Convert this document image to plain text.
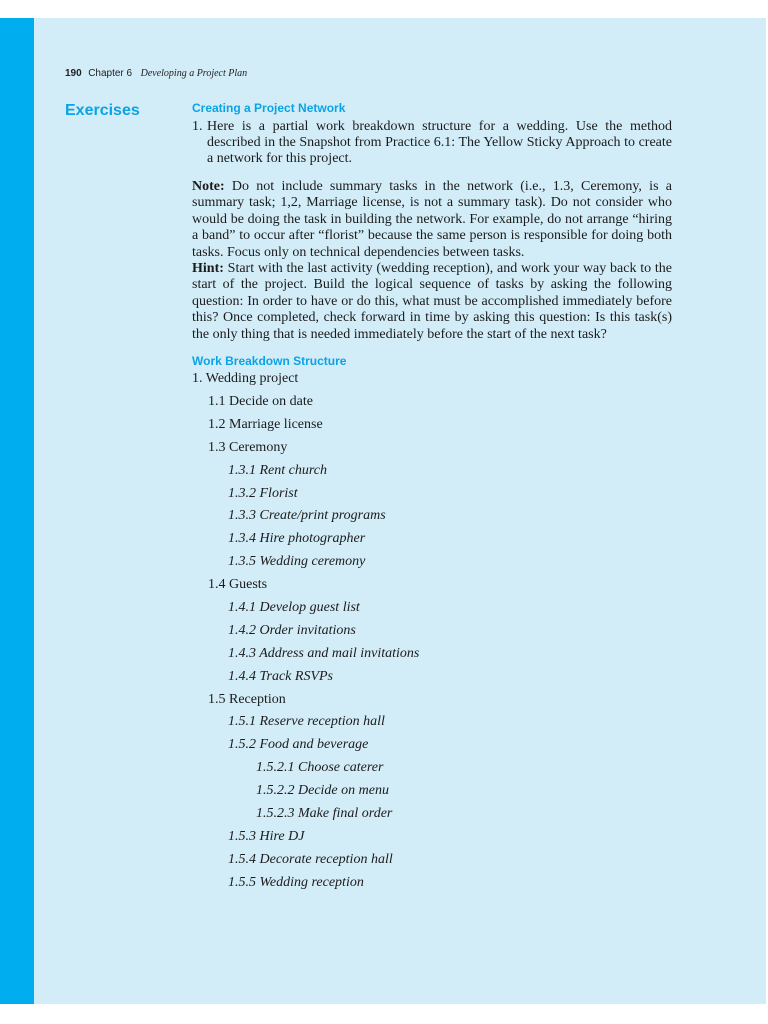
190 Chapter 6 Developing a Project Plan
Exercises	Creating a Project Network

1. Here is a partial work breakdown structure for a wedding. Use the method described in the Snapshot from Practice 6.1: The Yellow Sticky Approach to create a network for this project.

Note: Do not include summary tasks in the network (i.e., 1.3, Ceremony, is a summary task; 1,2, Marriage license, is not a summary task). Do not consider who would be doing the task in building the network. For example, do not arrange “hiring a band” to occur after “florist” because the same person is responsible for doing both tasks. Focus only on technical dependencies between tasks.

Hint: Start with the last activity (wedding reception), and work your way back to the start of the project. Build the logical sequence of tasks by asking the following question: In order to have or do this, what must be accomplished immediately before this? Once completed, check forward in time by asking this question: Is this task(s) the only thing that is needed immediately before the start of the next task?

Work Breakdown Structure
1. Wedding project
1.1 Decide on date
1.2 Marriage license
1.3 Ceremony
1.3.1 Rent church
1.3.2 Florist
1.3.3 Create/print programs
1.3.4 Hire photographer
1.3.5 Wedding ceremony
1.4 Guests
1.4.1 Develop guest list
1.4.2 Order invitations
1.4.3 Address and mail invitations
1.4.4 Track RSVPs
1.5 Reception
1.5.1 Reserve reception hall
1.5.2 Food and beverage
1.5.2.1 Choose caterer
1.5.2.2 Decide on menu
1.5.2.3 Make final order
1.5.3 Hire DJ
1.5.4 Decorate reception hall
1.5.5 Wedding reception
